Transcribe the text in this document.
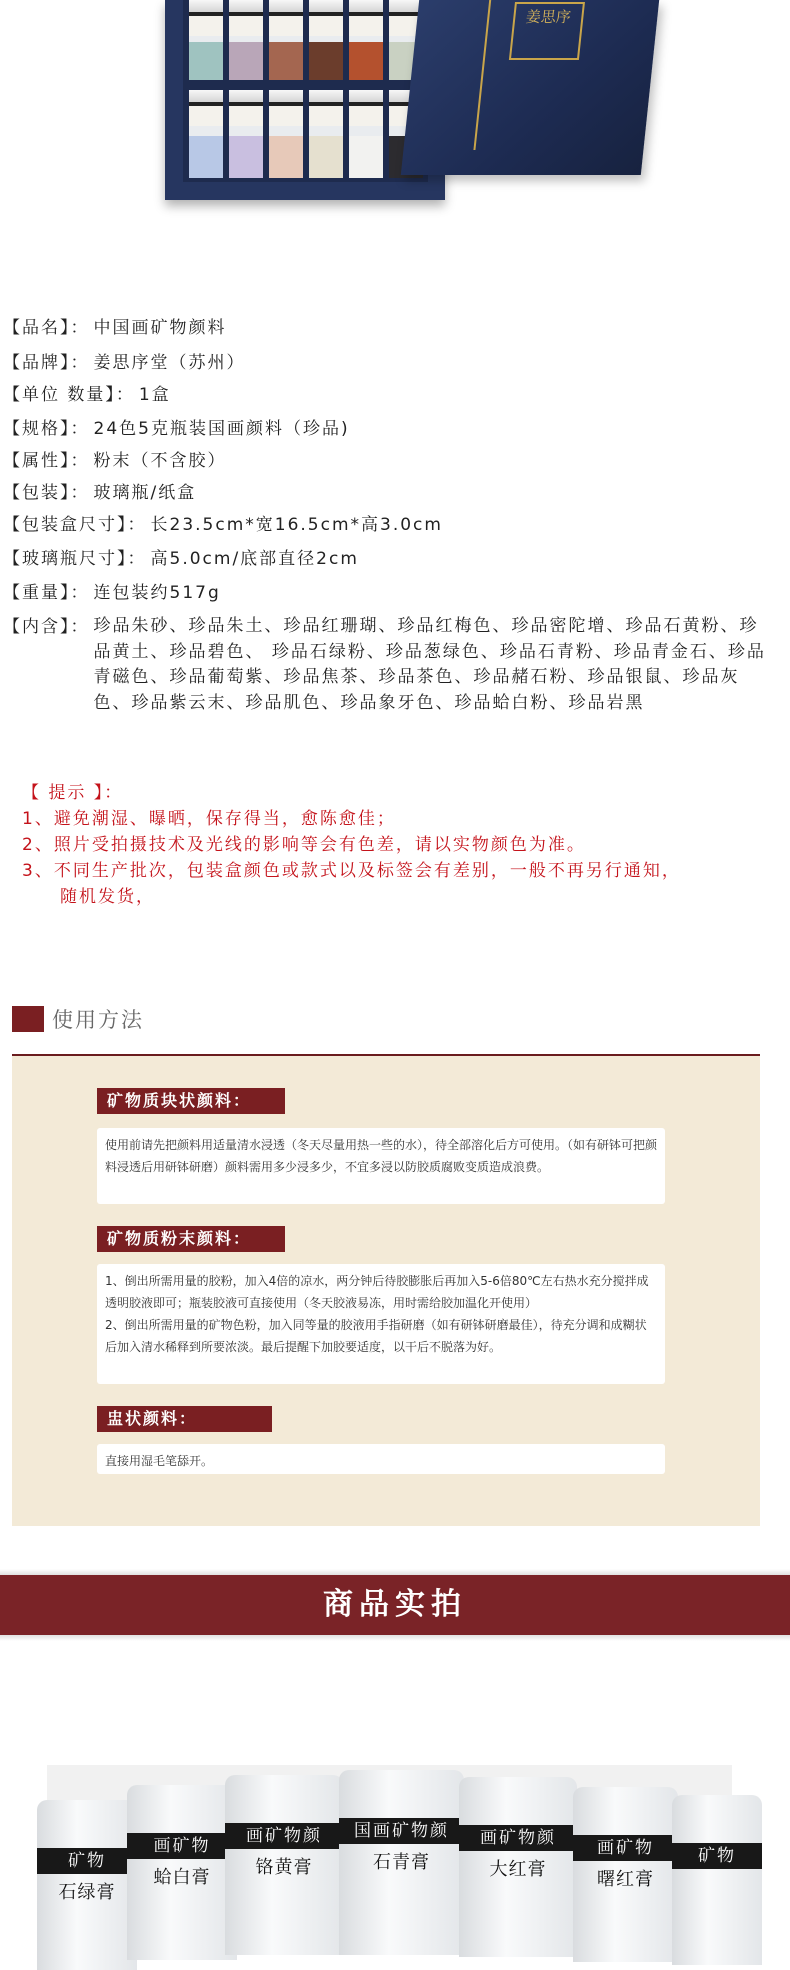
姜思序
【品名】： 中国画矿物颜料
【品牌】： 姜思序堂（苏州）
【单位 数量】： 1盒
【规格】： 24色5克瓶装国画颜料（珍品)
【属性】： 粉末（不含胶）
【包装】： 玻璃瓶/纸盒
【包装盒尺寸】： 长23.5cm*宽16.5cm*高3.0cm
【玻璃瓶尺寸】： 高5.0cm/底部直径2cm
【重量】： 连包装约517g
【内含】： 珍品朱砂、珍品朱土、珍品红珊瑚、珍品红梅色、珍品密陀增、珍品石黄粉、珍品黄土、珍品碧色、 珍品石绿粉、珍品葱绿色、珍品石青粉、珍品青金石、珍品青磁色、珍品葡萄紫、珍品焦茶、珍品茶色、珍品赭石粉、珍品银鼠、珍品灰色、珍品紫云末、珍品肌色、珍品象牙色、珍品蛤白粉、珍品岩黑
【 提示 】：
1、避免潮湿、曝晒，保存得当，愈陈愈佳；
2、照片受拍摄技术及光线的影响等会有色差，请以实物颜色为准。
3、不同生产批次，包装盒颜色或款式以及标签会有差别，一般不再另行通知，
随机发货，
使用方法
矿物质块状颜料：
使用前请先把颜料用适量清水浸透（冬天尽量用热一些的水），待全部溶化后方可使用。（如有研钵可把颜料浸透后用研钵研磨）颜料需用多少浸多少，不宜多浸以防胶质腐败变质造成浪费。
矿物质粉末颜料：
1、倒出所需用量的胶粉，加入4倍的凉水，两分钟后待胶膨胀后再加入5-6倍80℃左右热水充分搅拌成透明胶液即可；瓶装胶液可直接使用（冬天胶液易冻，用时需给胶加温化开使用）
2、倒出所需用量的矿物色粉，加入同等量的胶液用手指研磨（如有研钵研磨最佳），待充分调和成糊状后加入清水稀释到所要浓淡。最后提醒下加胶要适度，以干后不脱落为好。
盅状颜料：
直接用湿毛笔舔开。
商品实拍
矿物
石绿膏
画矿物
蛤白膏
画矿物颜
铬黄膏
国画矿物颜
石青膏
画矿物颜
大红膏
画矿物
曙红膏
矿物
